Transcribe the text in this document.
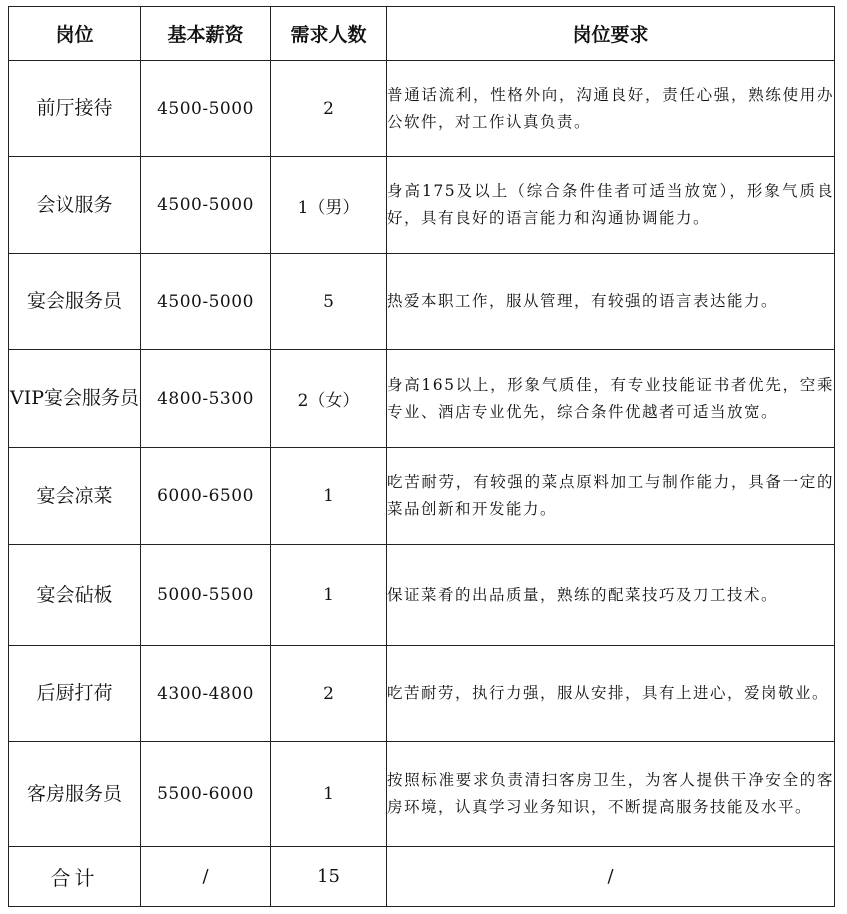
岗位	基本薪资	需求人数	岗位要求
前厅接待	4500-5000	2	普通话流利，性格外向，沟通良好，责任心强，熟练使用办公软件，对工作认真负责。
会议服务	4500-5000	1（男）	身高175及以上（综合条件佳者可适当放宽），形象气质良好，具有良好的语言能力和沟通协调能力。
宴会服务员	4500-5000	5	热爱本职工作，服从管理，有较强的语言表达能力。
VIP宴会服务员	4800-5300	2（女）	身高165以上，形象气质佳，有专业技能证书者优先，空乘专业、酒店专业优先，综合条件优越者可适当放宽。
宴会凉菜	6000-6500	1	吃苦耐劳，有较强的菜点原料加工与制作能力，具备一定的菜品创新和开发能力。
宴会砧板	5000-5500	1	保证菜肴的出品质量，熟练的配菜技巧及刀工技术。
后厨打荷	4300-4800	2	吃苦耐劳，执行力强，服从安排，具有上进心，爱岗敬业。
客房服务员	5500-6000	1	按照标准要求负责清扫客房卫生，为客人提供干净安全的客房环境，认真学习业务知识，不断提高服务技能及水平。
合计	/	15	/
